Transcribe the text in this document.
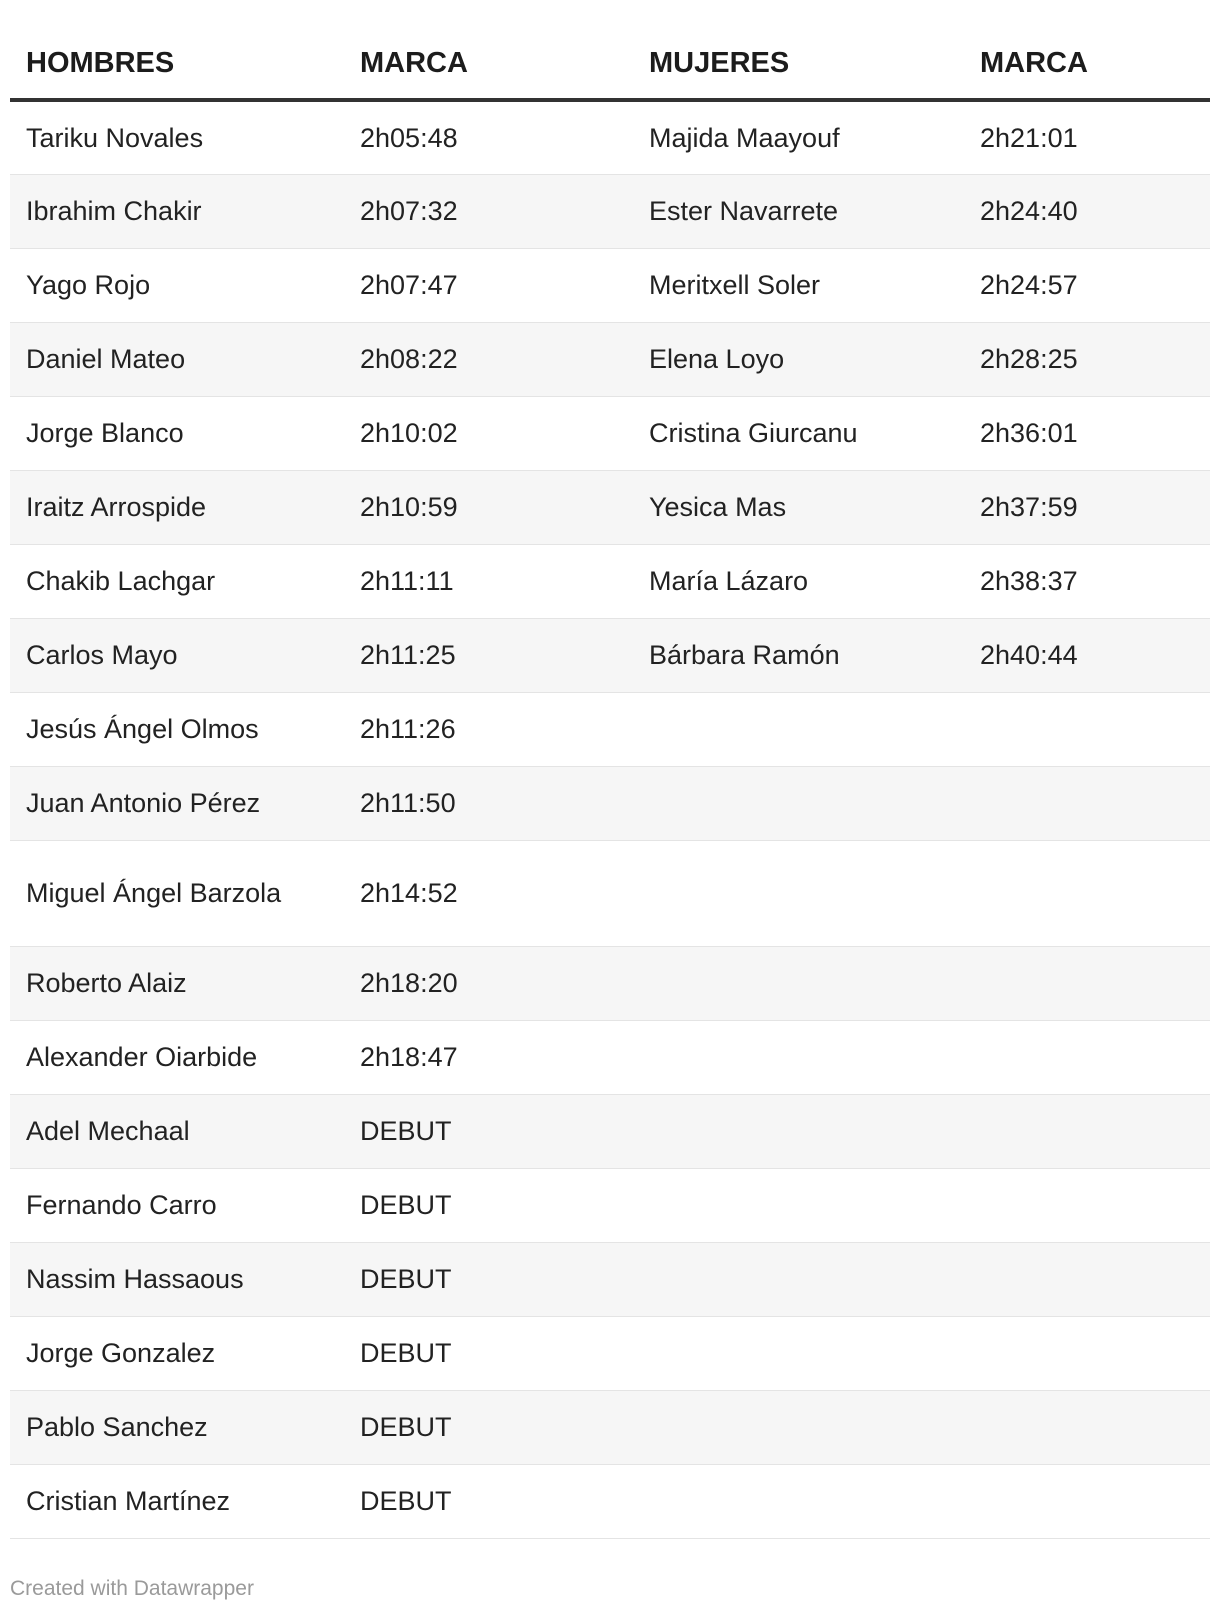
HOMBRES	MARCA	MUJERES	MARCA
Tariku Novales	2h05:48	Majida Maayouf	2h21:01
Ibrahim Chakir	2h07:32	Ester Navarrete	2h24:40
Yago Rojo	2h07:47	Meritxell Soler	2h24:57
Daniel Mateo	2h08:22	Elena Loyo	2h28:25
Jorge Blanco	2h10:02	Cristina Giurcanu	2h36:01
Iraitz Arrospide	2h10:59	Yesica Mas	2h37:59
Chakib Lachgar	2h11:11	María Lázaro	2h38:37
Carlos Mayo	2h11:25	Bárbara Ramón	2h40:44
Jesús Ángel Olmos	2h11:26		
Juan Antonio Pérez	2h11:50		
Miguel Ángel Barzola	2h14:52		
Roberto Alaiz	2h18:20		
Alexander Oiarbide	2h18:47		
Adel Mechaal	DEBUT		
Fernando Carro	DEBUT		
Nassim Hassaous	DEBUT		
Jorge Gonzalez	DEBUT		
Pablo Sanchez	DEBUT		
Cristian Martínez	DEBUT		
Created with Datawrapper
